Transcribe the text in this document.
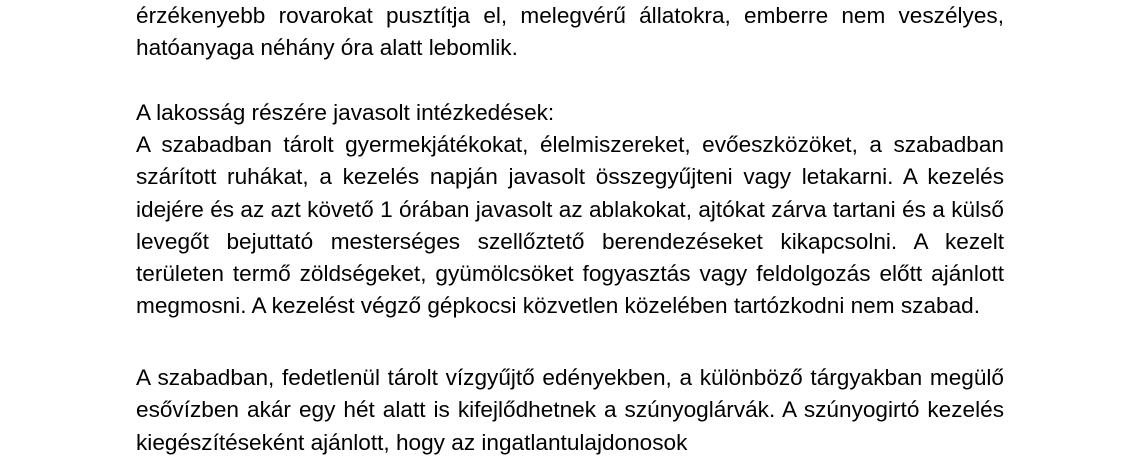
érzékenyebb rovarokat pusztítja el, melegvérű állatokra, emberre nem veszélyes, hatóanyaga néhány óra alatt lebomlik.

A lakosság részére javasolt intézkedések:

A szabadban tárolt gyermekjátékokat, élelmiszereket, evőeszközöket, a szabadban szárított ruhákat, a kezelés napján javasolt összegyűjteni vagy letakarni. A kezelés idejére és az azt követő 1 órában javasolt az ablakokat, ajtókat zárva tartani és a külső levegőt bejuttató mesterséges szellőztető berendezéseket kikapcsolni. A kezelt területen termő zöldségeket, gyümölcsöket fogyasztás vagy feldolgozás előtt ajánlott megmosni. A kezelést végző gépkocsi közvetlen közelében tartózkodni nem szabad.

A szabadban, fedetlenül tárolt vízgyűjtő edényekben, a különböző tárgyakban megülő esővízben akár egy hét alatt is kifejlődhetnek a szúnyoglárvák. A szúnyogirtó kezelés kiegészítéseként ajánlott, hogy az ingatlantulajdonosok
